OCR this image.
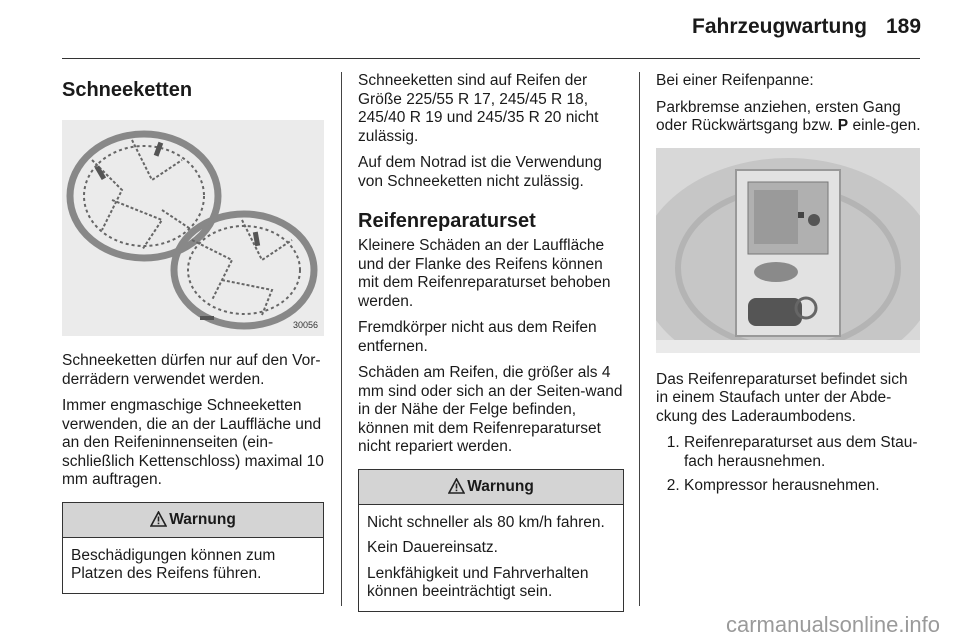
Fahrzeugwartung 189
Schneeketten
30056

Schneeketten dürfen nur auf den Vor-derrädern verwendet werden.

Immer engmaschige Schneeketten verwenden, die an der Lauffläche und an den Reifeninnenseiten (ein-schließlich Kettenschloss) maximal 10 mm auftragen.

Warnung

Beschädigungen können zum Platzen des Reifens führen.

Schneeketten sind auf Reifen der Größe 225/55 R 17, 245/45 R 18, 245/40 R 19 und 245/35 R 20 nicht zulässig.

Auf dem Notrad ist die Verwendung von Schneeketten nicht zulässig.

Reifenreparaturset

Kleinere Schäden an der Lauffläche und der Flanke des Reifens können mit dem Reifenreparaturset behoben werden.

Fremdkörper nicht aus dem Reifen entfernen.

Schäden am Reifen, die größer als 4 mm sind oder sich an der Seiten-wand in der Nähe der Felge befinden, können mit dem Reifenreparaturset nicht repariert werden.

Warnung

Nicht schneller als 80 km/h fahren.

Kein Dauereinsatz.

Lenkfähigkeit und Fahrverhalten können beeinträchtigt sein.

Bei einer Reifenpanne:

Parkbremse anziehen, ersten Gang oder Rückwärtsgang bzw. P einle-gen.

Das Reifenreparaturset befindet sich in einem Staufach unter der Abde-ckung des Laderaumbodens.

1. Reifenreparaturset aus dem Stau-fach herausnehmen.
2. Kompressor herausnehmen.
carmanualsonline.info
